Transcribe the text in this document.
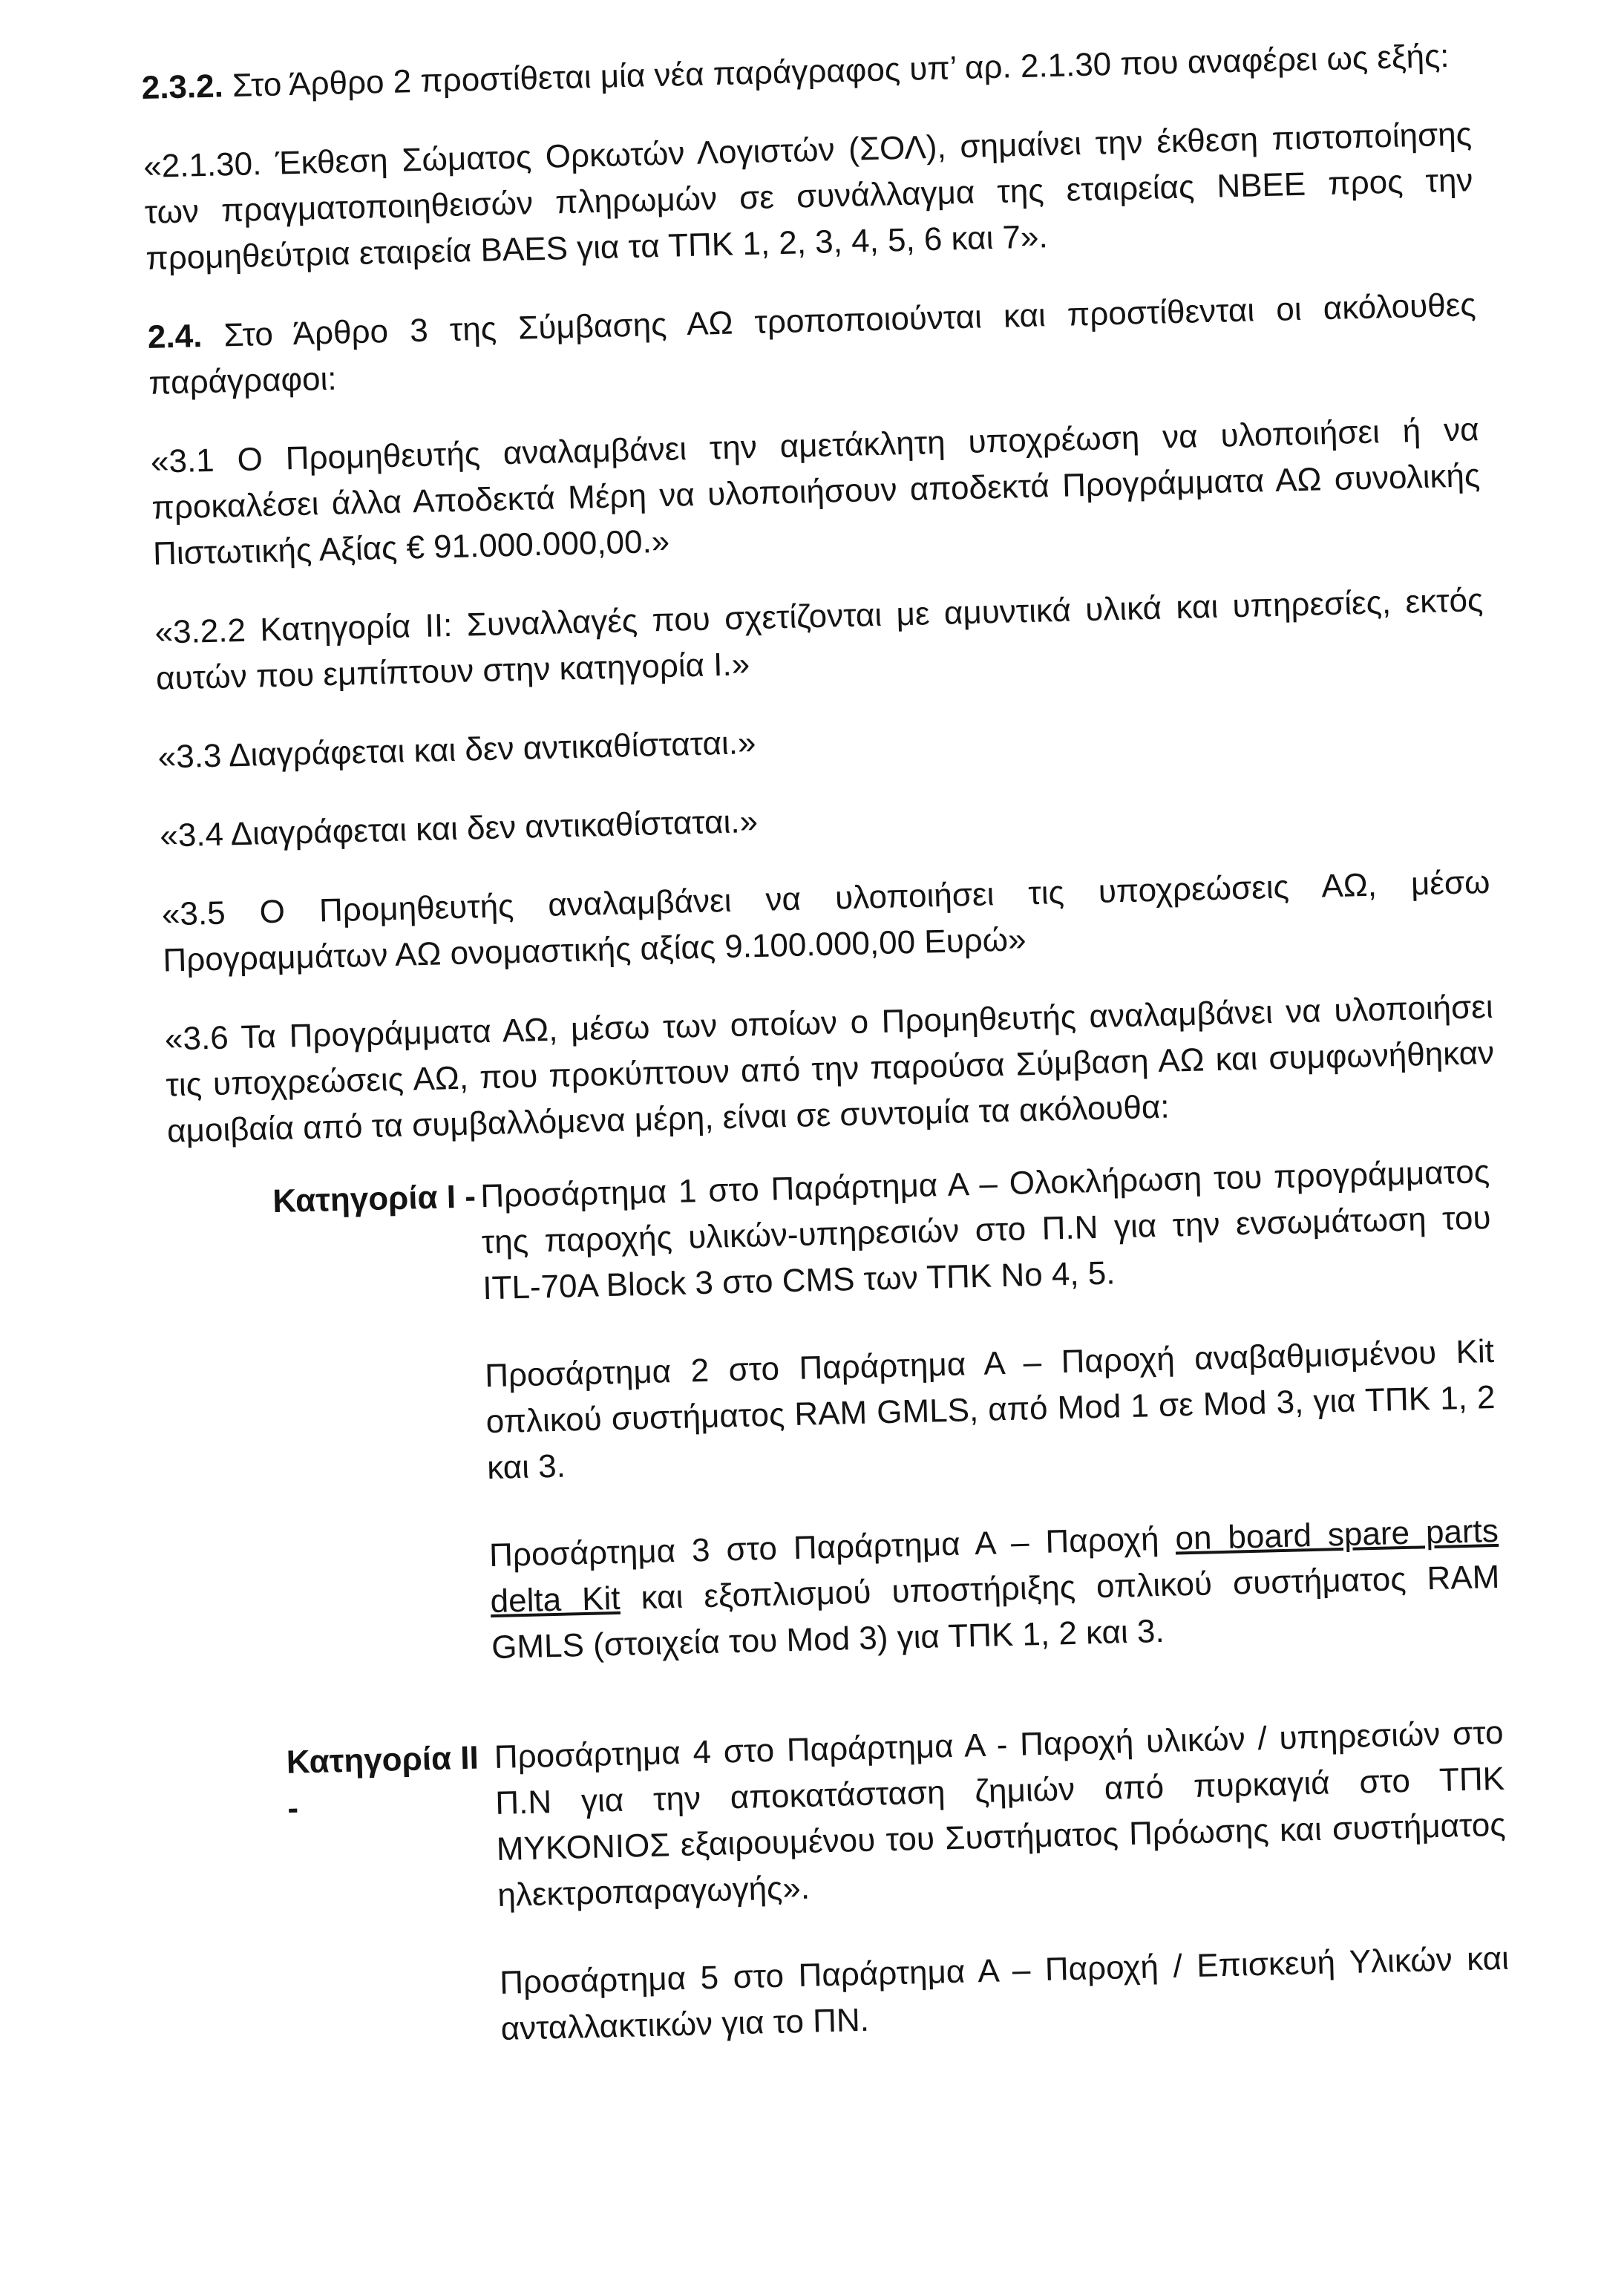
2.3.2. Στο Άρθρο 2 προστίθεται μία νέα παράγραφος υπ’ αρ. 2.1.30 που αναφέρει ως εξής:

«2.1.30. Έκθεση Σώματος Ορκωτών Λογιστών (ΣΟΛ), σημαίνει την έκθεση πιστοποίησης των πραγματοποιηθεισών πληρωμών σε συνάλλαγμα της εταιρείας ΝΒΕΕ προς την προμηθεύτρια εταιρεία BAES για τα ΤΠΚ 1, 2, 3, 4, 5, 6 και 7».

2.4. Στο Άρθρο 3 της Σύμβασης ΑΩ τροποποιούνται και προστίθενται οι ακόλουθες παράγραφοι:

«3.1 Ο Προμηθευτής αναλαμβάνει την αμετάκλητη υποχρέωση να υλοποιήσει ή να προκαλέσει άλλα Αποδεκτά Μέρη να υλοποιήσουν αποδεκτά Προγράμματα ΑΩ συνολικής Πιστωτικής Αξίας € 91.000.000,00.»

«3.2.2 Κατηγορία II: Συναλλαγές που σχετίζονται με αμυντικά υλικά και υπηρεσίες, εκτός αυτών που εμπίπτουν στην κατηγορία I.»

«3.3 Διαγράφεται και δεν αντικαθίσταται.»

«3.4 Διαγράφεται και δεν αντικαθίσταται.»

«3.5 Ο Προμηθευτής αναλαμβάνει να υλοποιήσει τις υποχρεώσεις ΑΩ, μέσω Προγραμμάτων ΑΩ ονομαστικής αξίας 9.100.000,00 Ευρώ»

«3.6 Τα Προγράμματα ΑΩ, μέσω των οποίων ο Προμηθευτής αναλαμβάνει να υλοποιήσει τις υποχρεώσεις ΑΩ, που προκύπτουν από την παρούσα Σύμβαση ΑΩ και συμφωνήθηκαν αμοιβαία από τα συμβαλλόμενα μέρη, είναι σε συντομία τα ακόλουθα:

Κατηγορία I - Προσάρτημα 1 στο Παράρτημα Α – Ολοκλήρωση του προγράμματος της παροχής υλικών-υπηρεσιών στο Π.Ν για την ενσωμάτωση του ITL-70A Block 3 στο CMS των ΤΠΚ Νο 4, 5.

Προσάρτημα 2 στο Παράρτημα Α – Παροχή αναβαθμισμένου Kit οπλικού συστήματος RAM GMLS, από Mod 1 σε Mod 3, για ΤΠΚ 1, 2 και 3.

Προσάρτημα 3 στο Παράρτημα Α – Παροχή on board spare parts delta Kit και εξοπλισμού υποστήριξης οπλικού συστήματος RAM GMLS (στοιχεία του Mod 3) για ΤΠΚ 1, 2 και 3.

Κατηγορία II -

Προσάρτημα 4 στο Παράρτημα Α - Παροχή υλικών / υπηρεσιών στο Π.Ν για την αποκατάσταση ζημιών από πυρκαγιά στο ΤΠΚ ΜΥΚΟΝΙΟΣ εξαιρουμένου του Συστήματος Πρόωσης και συστήματος ηλεκτροπαραγωγής».

Προσάρτημα 5 στο Παράρτημα Α – Παροχή / Επισκευή Υλικών και ανταλλακτικών για το ΠΝ.
